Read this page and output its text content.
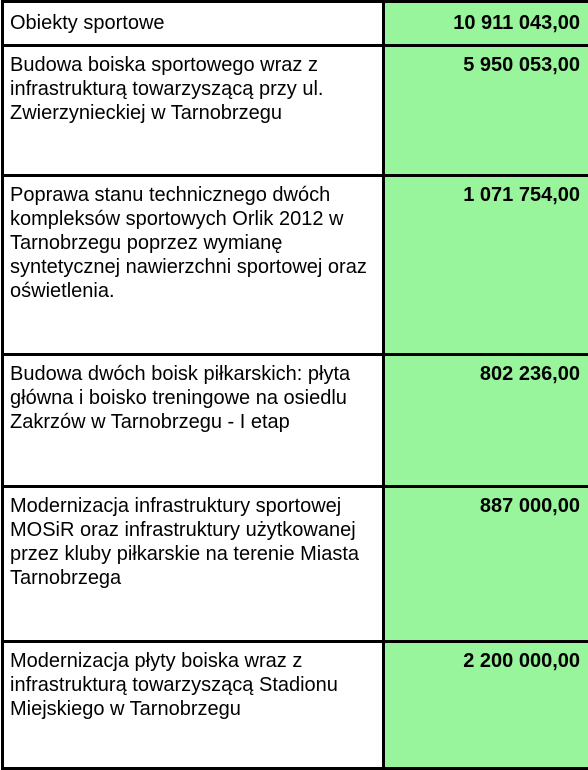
Obiekty sportowe	10 911 043,00
Budowa boiska sportowego wraz z infrastrukturą towarzyszącą przy ul. Zwierzynieckiej w Tarnobrzegu	5 950 053,00
Poprawa stanu technicznego dwóch kompleksów sportowych Orlik 2012 w Tarnobrzegu poprzez wymianę syntetycznej nawierzchni sportowej oraz oświetlenia.	1 071 754,00
Budowa dwóch boisk piłkarskich: płyta główna i boisko treningowe na osiedlu Zakrzów w Tarnobrzegu - I etap	802 236,00
Modernizacja infrastruktury sportowej MOSiR oraz infrastruktury użytkowanej przez kluby piłkarskie na terenie Miasta Tarnobrzega	887 000,00
Modernizacja płyty boiska wraz z infrastrukturą towarzyszącą Stadionu Miejskiego w Tarnobrzegu	2 200 000,00
